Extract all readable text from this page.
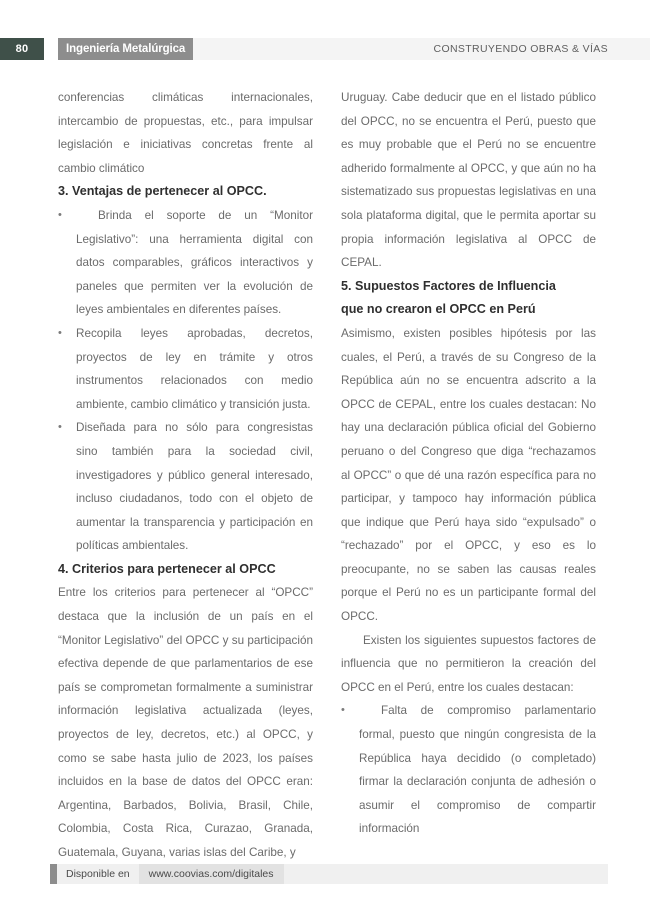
80	Ingeniería Metalúrgica	CONSTRUYENDO OBRAS & VÍAS

conferencias climáticas internacionales, intercambio de propuestas, etc., para impulsar legislación e iniciativas concretas frente al cambio climático

3. Ventajas de pertenecer al OPCC.
•	Brinda el soporte de un “Monitor Legislativo”: una herramienta digital con datos comparables, gráficos interactivos y paneles que permiten ver la evolución de leyes ambientales en diferentes países.

•	Recopila leyes aprobadas, decretos, proyectos de ley en trámite y otros instrumentos relacionados con medio ambiente, cambio climático y transición justa.

•	Diseñada para no sólo para congresistas sino también para la sociedad civil, investigadores y público general interesado, incluso ciudadanos, todo con el objeto de aumentar la transparencia y participación en políticas ambientales.

4. Criterios para pertenecer al OPCC

Entre los criterios para pertenecer al “OPCC” destaca que la inclusión de un país en el “Monitor Legislativo” del OPCC y su participación efectiva depende de que parlamentarios de ese país se comprometan formalmente a suministrar información legislativa actualizada (leyes, proyectos de ley, decretos, etc.) al OPCC, y como se sabe hasta julio de 2023, los países incluidos en la base de datos del OPCC eran: Argentina, Barbados, Bolivia, Brasil, Chile, Colombia, Costa Rica, Curazao, Granada, Guatemala, Guyana, varias islas del Caribe, y

Uruguay. Cabe deducir que en el listado público del OPCC, no se encuentra el Perú, puesto que es muy probable que el Perú no se encuentre adherido formalmente al OPCC, y que aún no ha sistematizado sus propuestas legislativas en una sola plataforma digital, que le permita aportar su propia información legislativa al OPCC de CEPAL.

5. Supuestos Factores de Influencia
que no crearon el OPCC en Perú

Asimismo, existen posibles hipótesis por las cuales, el Perú, a través de su Congreso de la República aún no se encuentra adscrito a la OPCC de CEPAL, entre los cuales destacan: No hay una declaración pública oficial del Gobierno peruano o del Congreso que diga “rechazamos al OPCC” o que dé una razón específica para no participar, y tampoco hay información pública que indique que Perú haya sido “expulsado” o “rechazado” por el OPCC, y eso es lo preocupante, no se saben las causas reales porque el Perú no es un participante formal del OPCC.

Existen los siguientes supuestos factores de influencia que no permitieron la creación del OPCC en el Perú, entre los cuales destacan:

•	Falta de compromiso parlamentario formal, puesto que ningún congresista de la República haya decidido (o completado) firmar la declaración conjunta de adhesión o asumir el compromiso de compartir información

Disponible en	www.coovias.com/digitales
